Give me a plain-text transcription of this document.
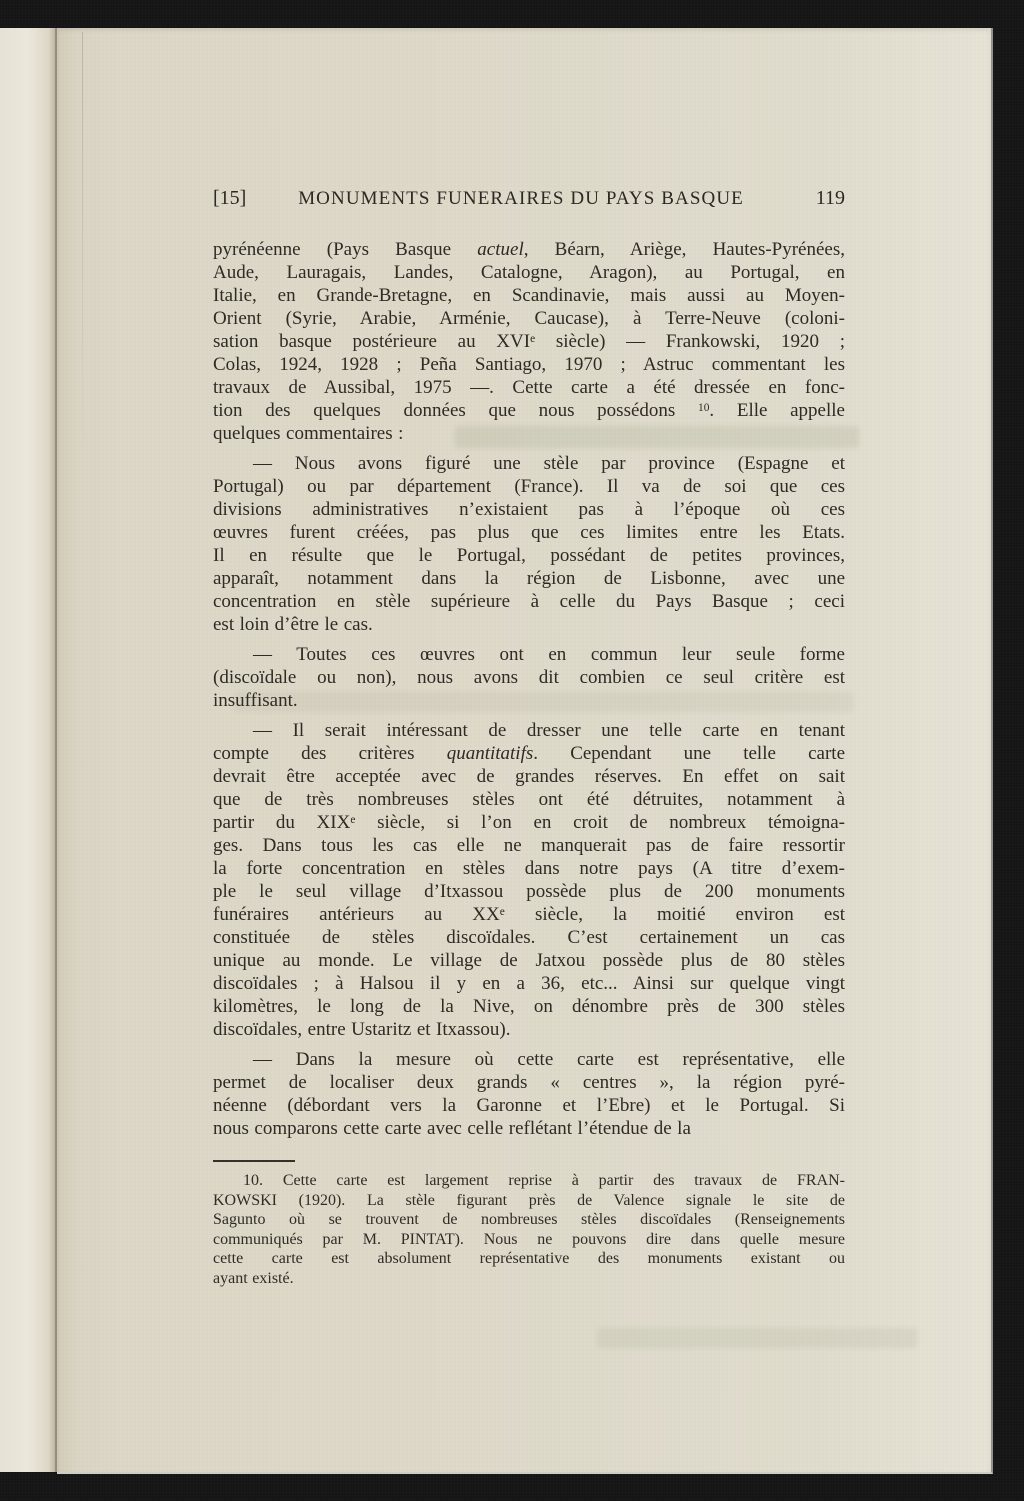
[15]	MONUMENTS FUNERAIRES DU PAYS BASQUE	119
pyrénéenne (Pays Basque actuel, Béarn, Ariège, Hautes-Pyrénées,
Aude, Lauragais, Landes, Catalogne, Aragon), au Portugal, en
Italie, en Grande-Bretagne, en Scandinavie, mais aussi au Moyen-
Orient (Syrie, Arabie, Arménie, Caucase), à Terre-Neuve (coloni-
sation basque postérieure au XVIe siècle) — Frankowski, 1920 ;
Colas, 1924, 1928 ; Peña Santiago, 1970 ; Astruc commentant les
travaux de Aussibal, 1975 —. Cette carte a été dressée en fonc-
tion des quelques données que nous possédons $^{10}$. Elle appelle
quelques commentaires :
— Nous avons figuré une stèle par province (Espagne et
Portugal) ou par département (France). Il va de soi que ces
divisions administratives n’existaient pas à l’époque où ces
œuvres furent créées, pas plus que ces limites entre les Etats.
Il en résulte que le Portugal, possédant de petites provinces,
apparaît, notamment dans la région de Lisbonne, avec une
concentration en stèle supérieure à celle du Pays Basque ; ceci
est loin d’être le cas.
— Toutes ces œuvres ont en commun leur seule forme
(discoïdale ou non), nous avons dit combien ce seul critère est
insuffisant.
— Il serait intéressant de dresser une telle carte en tenant
compte des critères quantitatifs. Cependant une telle carte
devrait être acceptée avec de grandes réserves. En effet on sait
que de très nombreuses stèles ont été détruites, notamment à
partir du XIXe siècle, si l’on en croit de nombreux témoigna-
ges. Dans tous les cas elle ne manquerait pas de faire ressortir
la forte concentration en stèles dans notre pays (A titre d’exem-
ple le seul village d’Itxassou possède plus de 200 monuments
funéraires antérieurs au XXe siècle, la moitié environ est
constituée de stèles discoïdales. C’est certainement un cas
unique au monde. Le village de Jatxou possède plus de 80 stèles
discoïdales ; à Halsou il y en a 36, etc... Ainsi sur quelque vingt
kilomètres, le long de la Nive, on dénombre près de 300 stèles
discoïdales, entre Ustaritz et Itxassou).
— Dans la mesure où cette carte est représentative, elle
permet de localiser deux grands « centres », la région pyré-
néenne (débordant vers la Garonne et l’Ebre) et le Portugal. Si
nous comparons cette carte avec celle reflétant l’étendue de la
10. Cette carte est largement reprise à partir des travaux de FRAN-
KOWSKI (1920). La stèle figurant près de Valence signale le site de
Sagunto où se trouvent de nombreuses stèles discoïdales (Renseignements
communiqués par M. PINTAT). Nous ne pouvons dire dans quelle mesure
cette carte est absolument représentative des monuments existant ou
ayant existé.
